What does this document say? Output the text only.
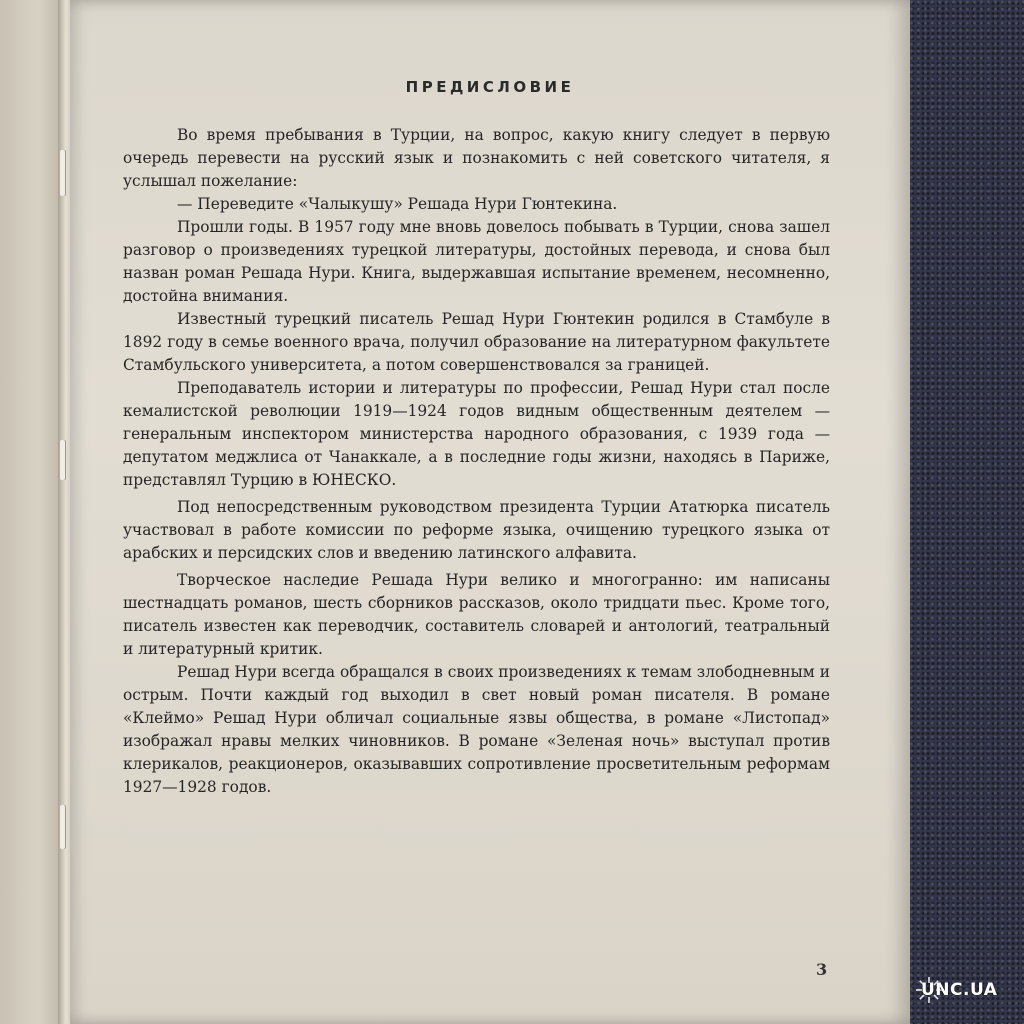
ПРЕДИСЛОВИЕ

Во время пребывания в Турции, на вопрос, какую книгу следует в первую очередь перевести на русский язык и познакомить с ней советского читателя, я услышал пожелание:

— Переведите «Чалыкушу» Решада Нури Гюнтекина.

Прошли годы. В 1957 году мне вновь довелось побывать в Турции, снова зашел разговор о произведениях турецкой литературы, достойных перевода, и снова был назван роман Решада Нури. Книга, выдержавшая испытание временем, несомненно, достойна внимания.

Известный турецкий писатель Решад Нури Гюнтекин родился в Стамбуле в 1892 году в семье военного врача, получил образование на литературном факультете Стамбульского университета, а потом совершенствовался за границей.

Преподаватель истории и литературы по профессии, Решад Нури стал после кемалистской революции 1919—1924 годов видным общественным деятелем — генеральным инспектором министерства народного образования, с 1939 года — депутатом меджлиса от Чанаккале, а в последние годы жизни, находясь в Париже, представлял Турцию в ЮНЕСКО.

Под непосредственным руководством президента Турции Ататюрка писатель участвовал в работе комиссии по реформе языка, очищению турецкого языка от арабских и персидских слов и введению латинского алфавита.

Творческое наследие Решада Нури велико и многогранно: им написаны шестнадцать романов, шесть сборников рассказов, около тридцати пьес. Кроме того, писатель известен как переводчик, составитель словарей и антологий, театральный и литературный критик.

Решад Нури всегда обращался в своих произведениях к темам злободневным и острым. Почти каждый год выходил в свет новый роман писателя. В романе «Клеймо» Решад Нури обличал социальные язвы общества, в романе «Листопад» изображал нравы мелких чиновников. В романе «Зеленая ночь» выступал против клерикалов, реакционеров, оказывавших сопротивление просветительным реформам 1927—1928 годов.

3
UNC.UA
